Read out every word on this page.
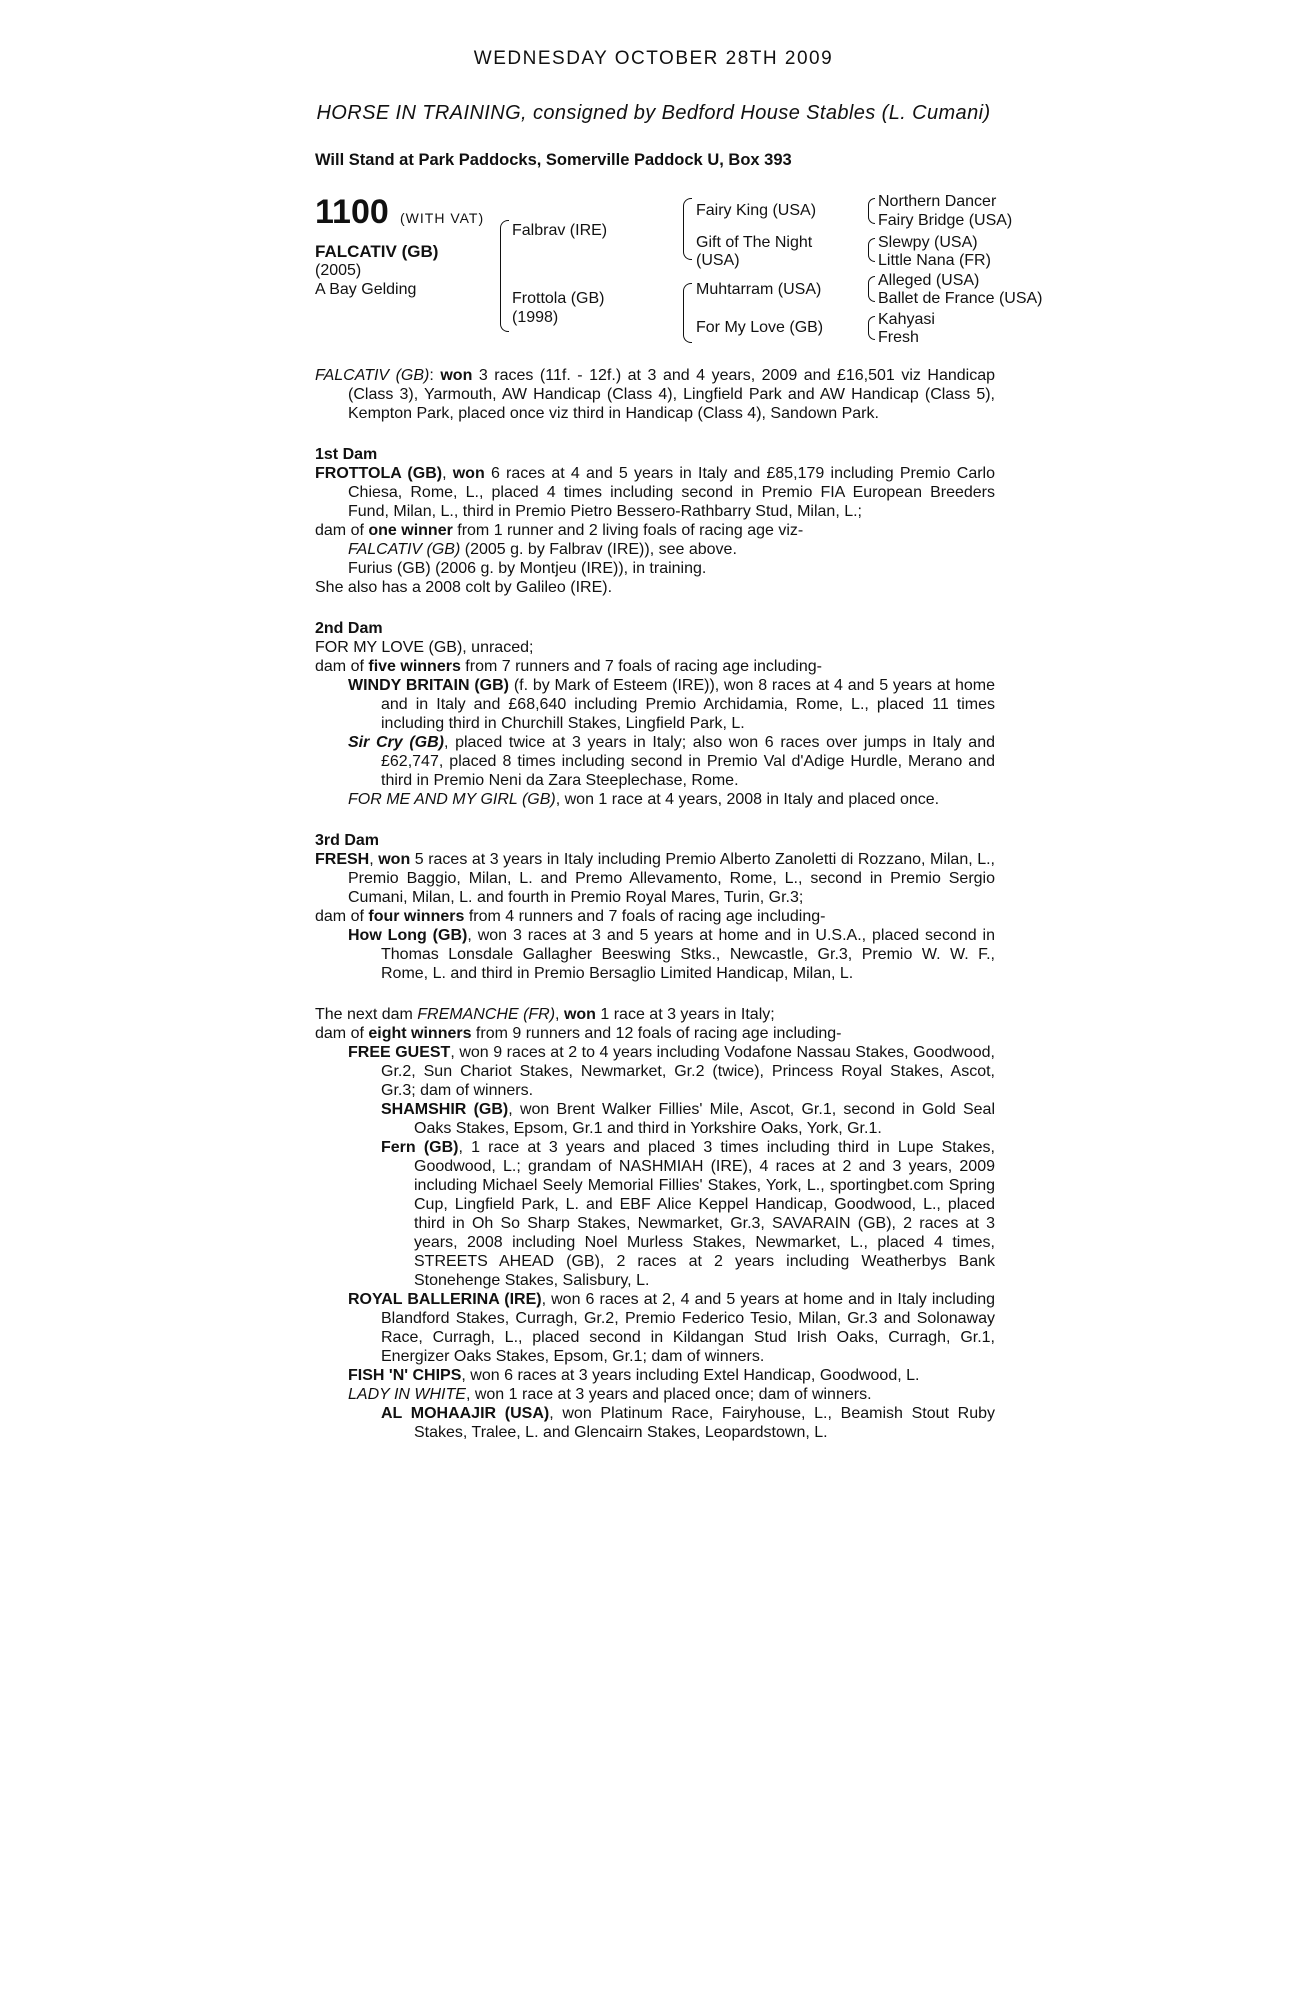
WEDNESDAY OCTOBER 28TH 2009
HORSE IN TRAINING, consigned by Bedford House Stables (L. Cumani)
Will Stand at Park Paddocks, Somerville Paddock U, Box 393
1100 (WITH VAT)
FALCATIV (GB)
(2005)
A Bay Gelding
Falbrav (IRE)
Frottola (GB)
(1998)
Fairy King (USA)
Gift of The Night
(USA)
Muhtarram (USA)
For My Love (GB)
Northern Dancer
Fairy Bridge (USA)
Slewpy (USA)
Little Nana (FR)
Alleged (USA)
Ballet de France (USA)
Kahyasi
Fresh

FALCATIV (GB): won 3 races (11f. - 12f.) at 3 and 4 years, 2009 and £16,501 viz Handicap (Class 3), Yarmouth, AW Handicap (Class 4), Lingfield Park and AW Handicap (Class 5), Kempton Park, placed once viz third in Handicap (Class 4), Sandown Park.

1st Dam

FROTTOLA (GB), won 6 races at 4 and 5 years in Italy and £85,179 including Premio Carlo Chiesa, Rome, L., placed 4 times including second in Premio FIA European Breeders Fund, Milan, L., third in Premio Pietro Bessero-Rathbarry Stud, Milan, L.;

dam of one winner from 1 runner and 2 living foals of racing age viz-

FALCATIV (GB) (2005 g. by Falbrav (IRE)), see above.

Furius (GB) (2006 g. by Montjeu (IRE)), in training.

She also has a 2008 colt by Galileo (IRE).

2nd Dam

FOR MY LOVE (GB), unraced;

dam of five winners from 7 runners and 7 foals of racing age including-

WINDY BRITAIN (GB) (f. by Mark of Esteem (IRE)), won 8 races at 4 and 5 years at home and in Italy and £68,640 including Premio Archidamia, Rome, L., placed 11 times including third in Churchill Stakes, Lingfield Park, L.

Sir Cry (GB), placed twice at 3 years in Italy; also won 6 races over jumps in Italy and £62,747, placed 8 times including second in Premio Val d'Adige Hurdle, Merano and third in Premio Neni da Zara Steeplechase, Rome.

FOR ME AND MY GIRL (GB), won 1 race at 4 years, 2008 in Italy and placed once.

3rd Dam

FRESH, won 5 races at 3 years in Italy including Premio Alberto Zanoletti di Rozzano, Milan, L., Premio Baggio, Milan, L. and Premo Allevamento, Rome, L., second in Premio Sergio Cumani, Milan, L. and fourth in Premio Royal Mares, Turin, Gr.3;

dam of four winners from 4 runners and 7 foals of racing age including-

How Long (GB), won 3 races at 3 and 5 years at home and in U.S.A., placed second in Thomas Lonsdale Gallagher Beeswing Stks., Newcastle, Gr.3, Premio W. W. F., Rome, L. and third in Premio Bersaglio Limited Handicap, Milan, L.

The next dam FREMANCHE (FR), won 1 race at 3 years in Italy;

dam of eight winners from 9 runners and 12 foals of racing age including-

FREE GUEST, won 9 races at 2 to 4 years including Vodafone Nassau Stakes, Goodwood, Gr.2, Sun Chariot Stakes, Newmarket, Gr.2 (twice), Princess Royal Stakes, Ascot, Gr.3; dam of winners.

SHAMSHIR (GB), won Brent Walker Fillies' Mile, Ascot, Gr.1, second in Gold Seal Oaks Stakes, Epsom, Gr.1 and third in Yorkshire Oaks, York, Gr.1.

Fern (GB), 1 race at 3 years and placed 3 times including third in Lupe Stakes, Goodwood, L.; grandam of NASHMIAH (IRE), 4 races at 2 and 3 years, 2009 including Michael Seely Memorial Fillies' Stakes, York, L., sportingbet.com Spring Cup, Lingfield Park, L. and EBF Alice Keppel Handicap, Goodwood, L., placed third in Oh So Sharp Stakes, Newmarket, Gr.3, SAVARAIN (GB), 2 races at 3 years, 2008 including Noel Murless Stakes, Newmarket, L., placed 4 times, STREETS AHEAD (GB), 2 races at 2 years including Weatherbys Bank Stonehenge Stakes, Salisbury, L.

ROYAL BALLERINA (IRE), won 6 races at 2, 4 and 5 years at home and in Italy including Blandford Stakes, Curragh, Gr.2, Premio Federico Tesio, Milan, Gr.3 and Solonaway Race, Curragh, L., placed second in Kildangan Stud Irish Oaks, Curragh, Gr.1, Energizer Oaks Stakes, Epsom, Gr.1; dam of winners.

FISH 'N' CHIPS, won 6 races at 3 years including Extel Handicap, Goodwood, L.

LADY IN WHITE, won 1 race at 3 years and placed once; dam of winners.

AL MOHAAJIR (USA), won Platinum Race, Fairyhouse, L., Beamish Stout Ruby Stakes, Tralee, L. and Glencairn Stakes, Leopardstown, L.
